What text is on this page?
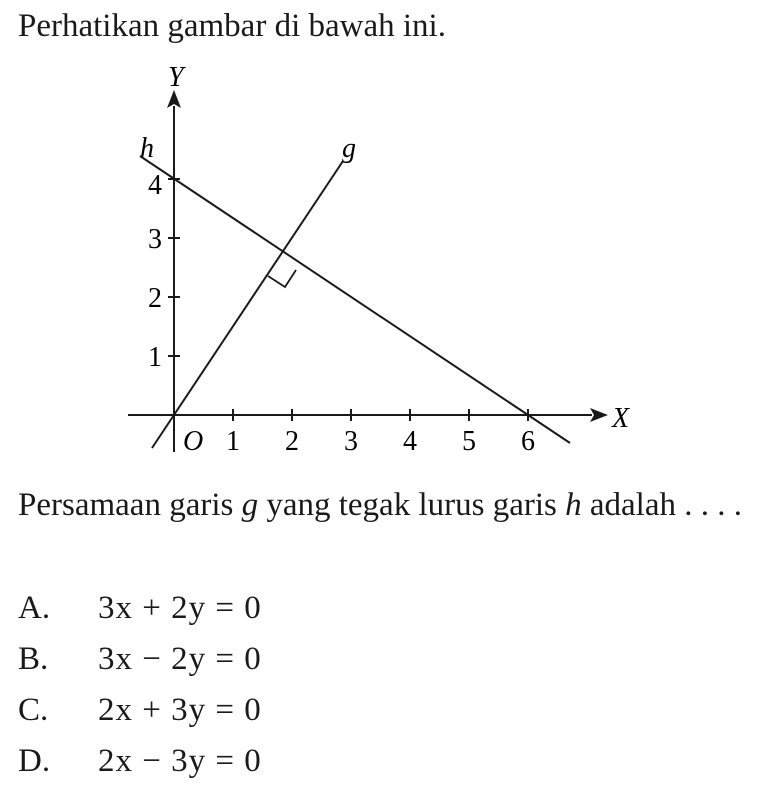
Perhatikan gambar di bawah ini.
Y
X
O
h	g
1 2 3 4 5 6
1
2
3
4

Persamaan garis g yang tegak lurus garis h adalah . . . .

A.	3x + 2y = 0
B.	3x − 2y = 0
C.	2x + 3y = 0
D.	2x − 3y = 0
